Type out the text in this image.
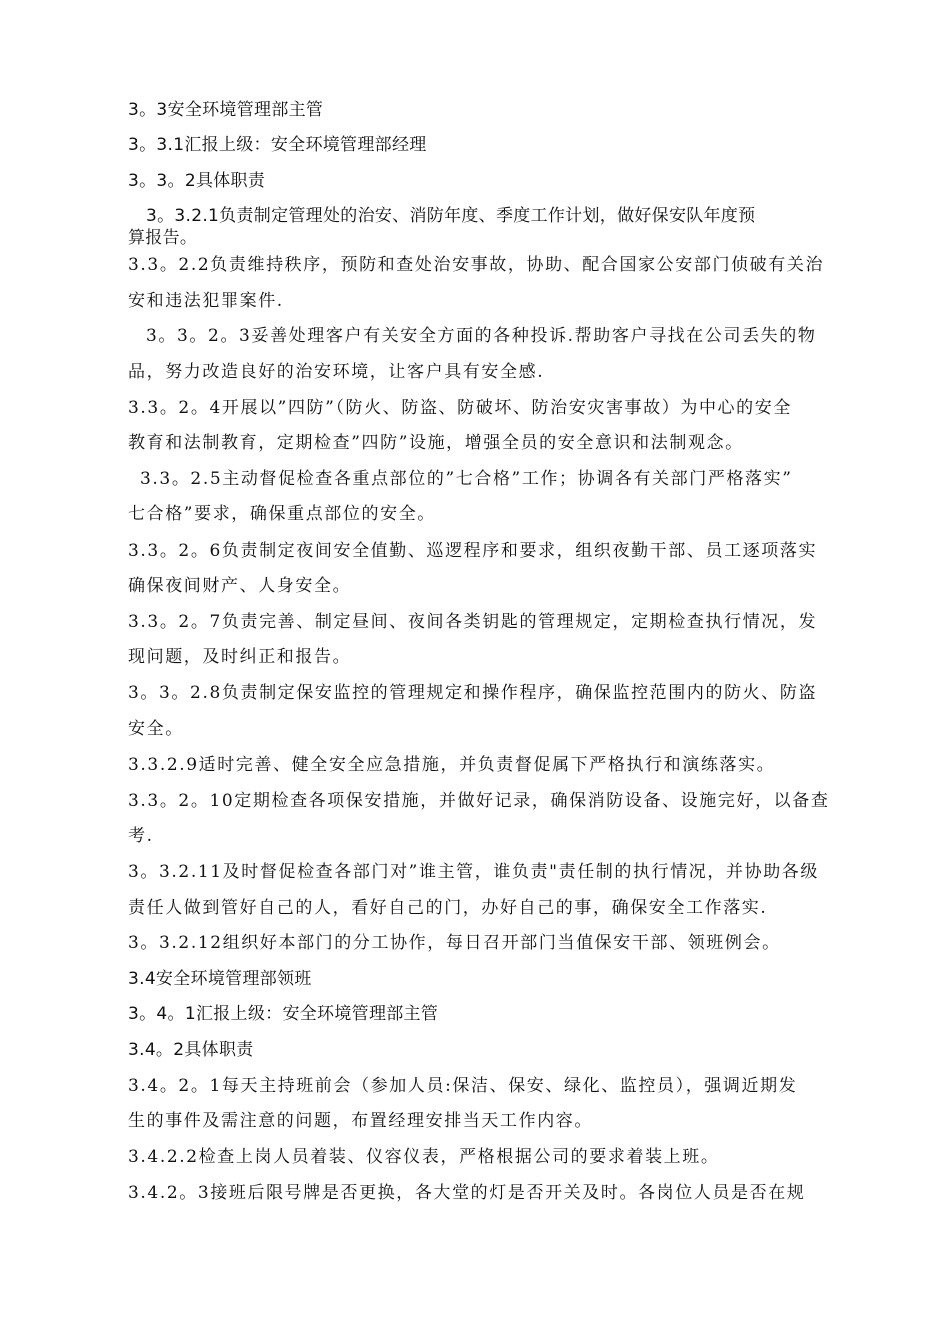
3。3安全环境管理部主管
3。3.1汇报上级：安全环境管理部经理
3。3。2具体职责
3。3.2.1负责制定管理处的治安、消防年度、季度工作计划，做好保安队年度预
算报告。
3.3。2.2负责维持秩序，预防和查处治安事故，协助、配合国家公安部门侦破有关治
安和违法犯罪案件.
3。3。2。3妥善处理客户有关安全方面的各种投诉.帮助客户寻找在公司丢失的物
品，努力改造良好的治安环境，让客户具有安全感.
3.3。2。4开展以”四防”（防火、防盗、防破坏、防治安灾害事故）为中心的安全
教育和法制教育，定期检查”四防”设施，增强全员的安全意识和法制观念。
3.3。2.5主动督促检查各重点部位的”七合格”工作；协调各有关部门严格落实”
七合格”要求，确保重点部位的安全。
3.3。2。6负责制定夜间安全值勤、巡逻程序和要求，组织夜勤干部、员工逐项落实
确保夜间财产、人身安全。
3.3。2。7负责完善、制定昼间、夜间各类钥匙的管理规定，定期检查执行情况，发
现问题，及时纠正和报告。
3。3。2.8负责制定保安监控的管理规定和操作程序，确保监控范围内的防火、防盗
安全。
3.3.2.9适时完善、健全安全应急措施，并负责督促属下严格执行和演练落实。
3.3。2。10定期检查各项保安措施，并做好记录，确保消防设备、设施完好，以备查
考.
3。3.2.11及时督促检查各部门对”谁主管，谁负责"责任制的执行情况，并协助各级
责任人做到管好自己的人，看好自己的门，办好自己的事，确保安全工作落实.
3。3.2.12组织好本部门的分工协作，每日召开部门当值保安干部、领班例会。
3.4安全环境管理部领班
3。4。1汇报上级：安全环境管理部主管
3.4。2具体职责
3.4。2。1每天主持班前会（参加人员:保洁、保安、绿化、监控员），强调近期发
生的事件及需注意的问题，布置经理安排当天工作内容。
3.4.2.2检查上岗人员着装、仪容仪表，严格根据公司的要求着装上班。
3.4.2。3接班后限号牌是否更换，各大堂的灯是否开关及时。各岗位人员是否在规
